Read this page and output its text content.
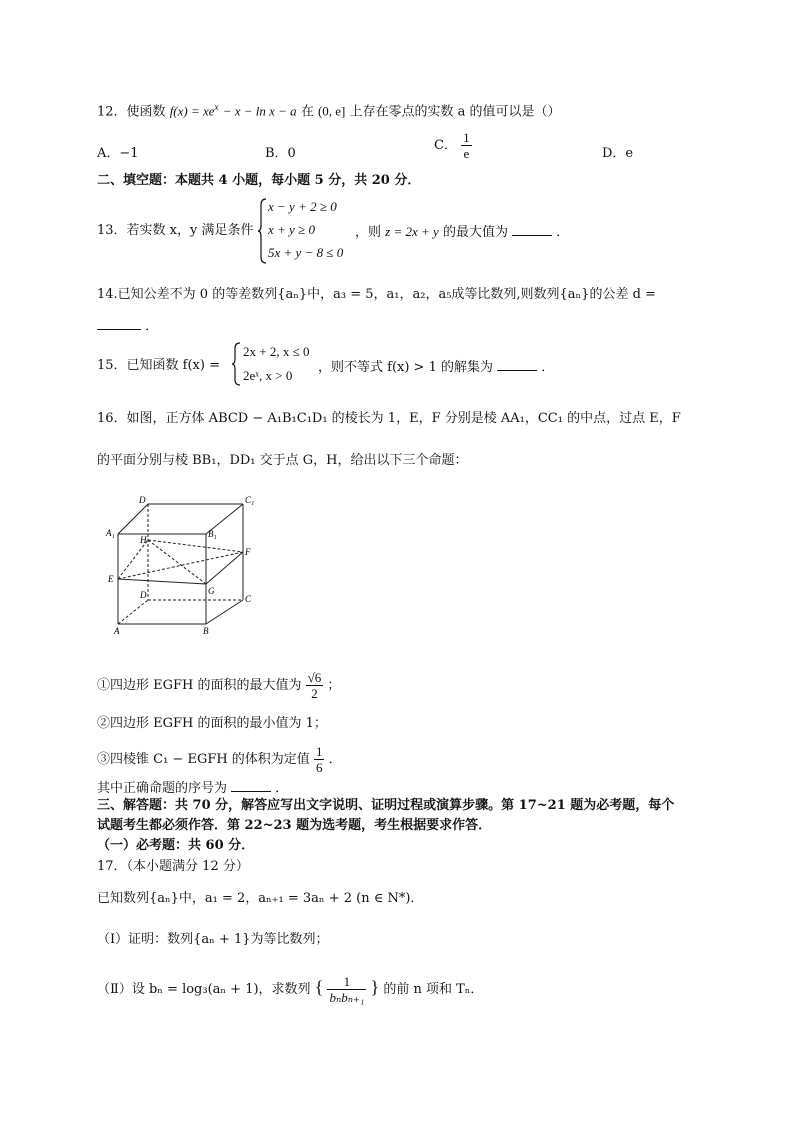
12．使函数 $f(x) = xe^x - x - \ln x - a$ 在 (0, e] 上存在零点的实数 a 的值可以是（）
A．−1	B．0
C． $\frac{1}{e}$	D．e
二、填空题：本题共 4 小题，每小题 5 分，共 20 分．
13．若实数 x，y 满足条件
x − y + 2 ≥ 0
x + y ≥ 0
5x + y − 8 ≤ 0
，则 z = 2x + y 的最大值为	．
14.已知公差不为 0 的等差数列{aₙ}中，a₃ = 5，a₁，a₂，a₅成等比数列,则数列{aₙ}的公差 d =
．
15．已知函数 f(x) =
2x + 2, x ≤ 0
2eˣ, x > 0
，则不等式 f(x) > 1 的解集为	．
16．如图，正方体 ABCD − A₁B₁C₁D₁ 的棱长为 1，E，F 分别是棱 AA₁，CC₁ 的中点，过点 E，F
的平面分别与棱 BB₁，DD₁ 交于点 G，H，给出以下三个命题：
D	C₁
A₁	B₁
H
F
E
D	G
C
A	B
①四边形 EGFH 的面积的最大值为 $\frac{√6}{2}$ ；
②四边形 EGFH 的面积的最小值为 1；
③四棱锥 C₁ − EGFH 的体积为定值 $\frac{1}{6}$ ．
其中正确命题的序号为	．
三、解答题：共 70 分，解答应写出文字说明、证明过程或演算步骤。第 17~21 题为必考题，每个
试题考生都必须作答．第 22~23 题为选考题，考生根据要求作答．
（一）必考题：共 60 分．
17．（本小题满分 12 分）
已知数列{aₙ}中，a₁ = 2，aₙ₊₁ = 3aₙ + 2 (n ∈ N*)．
（Ⅰ）证明：数列{aₙ + 1}为等比数列；
（Ⅱ）设 bₙ = log₃(aₙ + 1)，求数列 { $\frac{1}{\text{bₙbₙ₊₁}}$ } 的前 n 项和 Tₙ．
